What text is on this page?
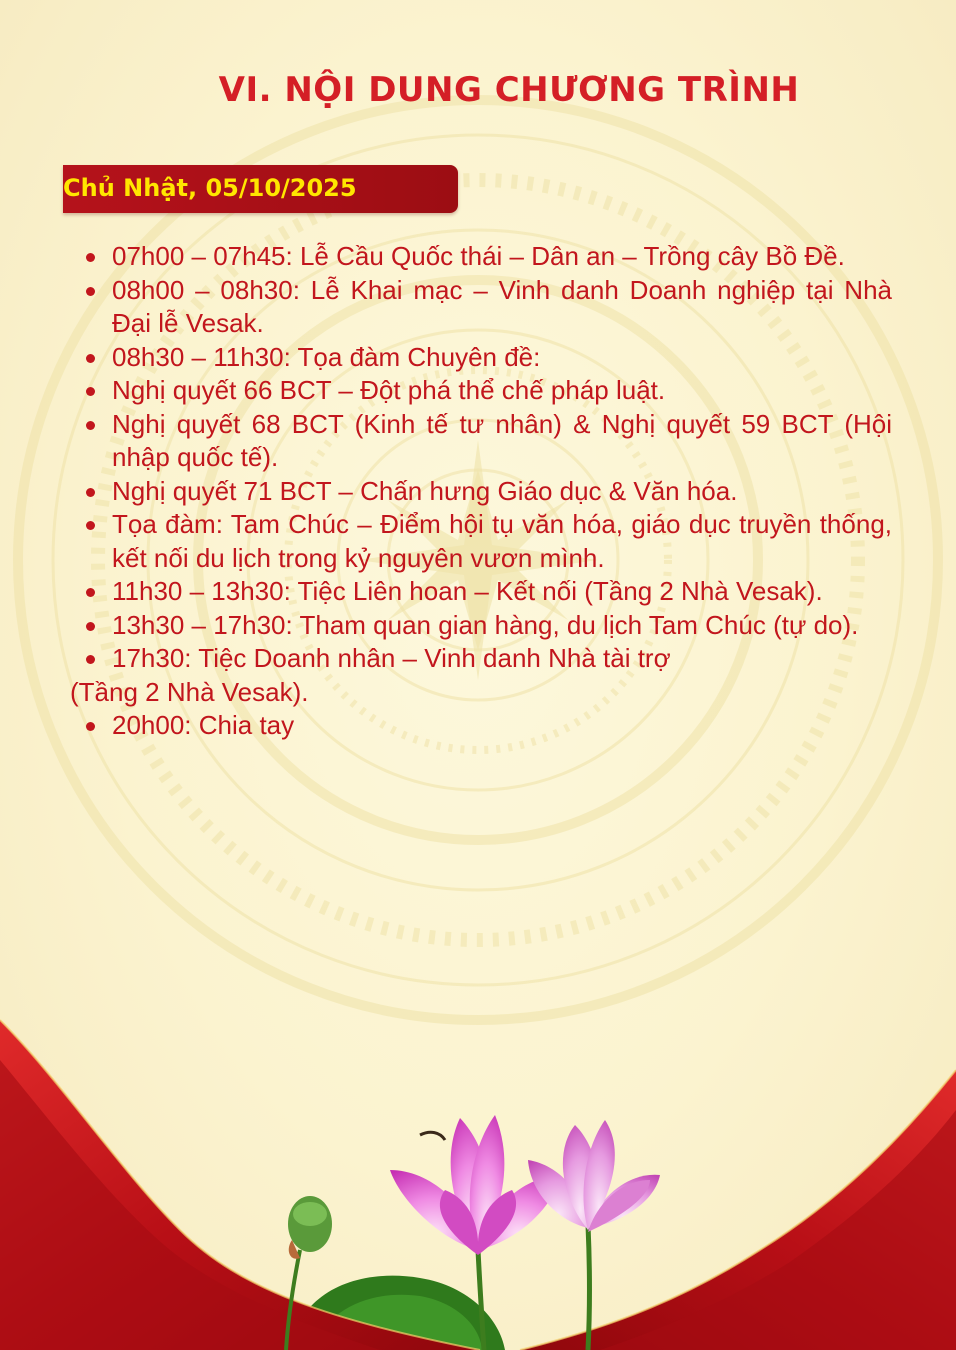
VI. NỘI DUNG CHƯƠNG TRÌNH
Chủ Nhật, 05/10/2025
07h00 – 07h45: Lễ Cầu Quốc thái – Dân an – Trồng cây Bồ Đề.
08h00 – 08h30: Lễ Khai mạc – Vinh danh Doanh nghiệp tại Nhà Đại lễ Vesak.
08h30 – 11h30: Tọa đàm Chuyên đề:
Nghị quyết 66 BCT – Đột phá thể chế pháp luật.
Nghị quyết 68 BCT (Kinh tế tư nhân) & Nghị quyết 59 BCT (Hội nhập quốc tế).
Nghị quyết 71 BCT – Chấn hưng Giáo dục & Văn hóa.
Tọa đàm: Tam Chúc – Điểm hội tụ văn hóa, giáo dục truyền thống, kết nối du lịch trong kỷ nguyên vươn mình.
11h30 – 13h30: Tiệc Liên hoan – Kết nối (Tầng 2 Nhà Vesak).
13h30 – 17h30: Tham quan gian hàng, du lịch Tam Chúc (tự do).
17h30: Tiệc Doanh nhân – Vinh danh Nhà tài trợ
(Tầng 2 Nhà Vesak).
20h00: Chia tay
